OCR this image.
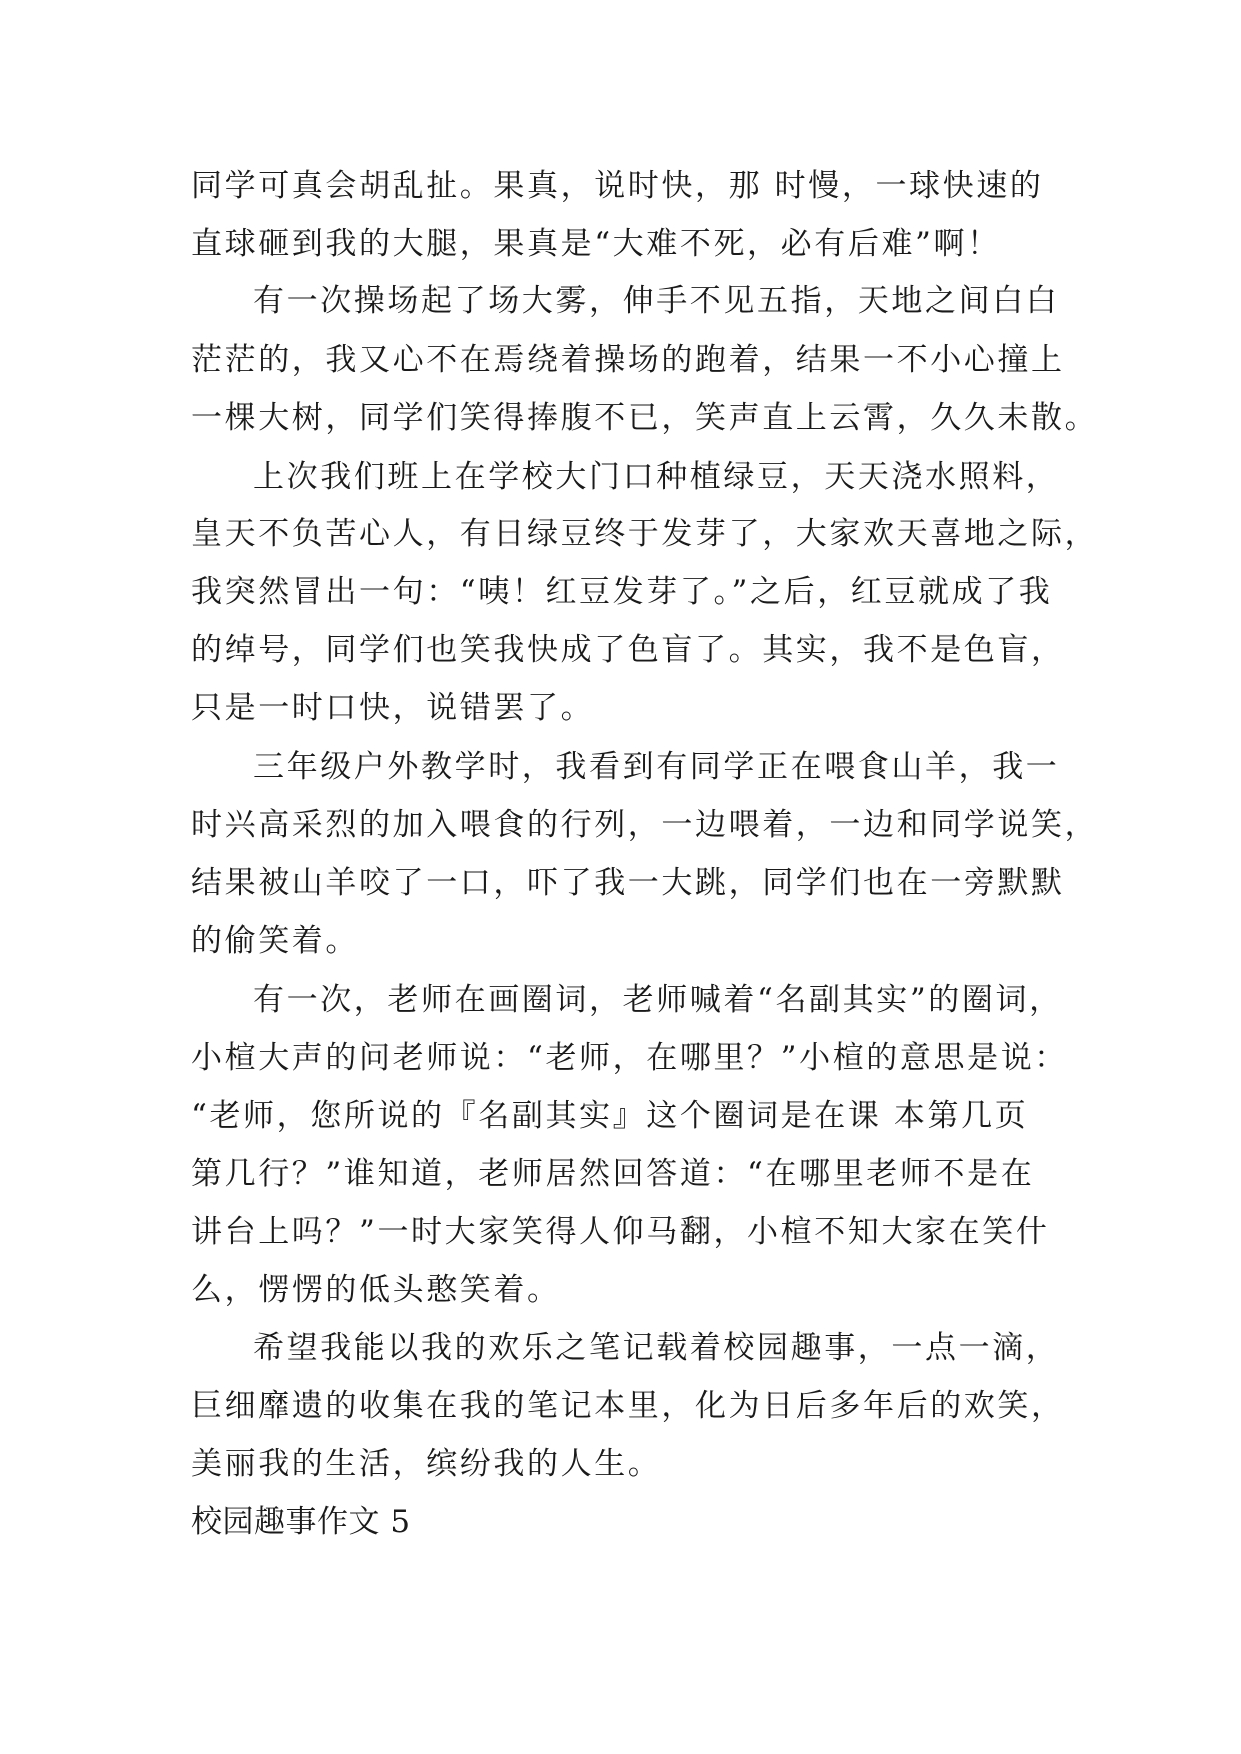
同学可真会胡乱扯。果真，说时快，那 时慢，一球快速的
直球砸到我的大腿，果真是“大难不死，必有后难”啊！
有一次操场起了场大雾，伸手不见五指，天地之间白白
茫茫的，我又心不在焉绕着操场的跑着，结果一不小心撞上
一棵大树，同学们笑得捧腹不已，笑声直上云霄，久久未散。
上次我们班上在学校大门口种植绿豆，天天浇水照料，
皇天不负苦心人，有日绿豆终于发芽了，大家欢天喜地之际，
我突然冒出一句：“咦！红豆发芽了。”之后，红豆就成了我
的绰号，同学们也笑我快成了色盲了。其实，我不是色盲，
只是一时口快，说错罢了。
三年级户外教学时，我看到有同学正在喂食山羊，我一
时兴高采烈的加入喂食的行列，一边喂着，一边和同学说笑，
结果被山羊咬了一口，吓了我一大跳，同学们也在一旁默默
的偷笑着。
有一次，老师在画圈词，老师喊着“名副其实”的圈词，
小楦大声的问老师说：“老师，在哪里？”小楦的意思是说：
“老师，您所说的『名副其实』这个圈词是在课 本第几页
第几行？”谁知道，老师居然回答道：“在哪里老师不是在
讲台上吗？”一时大家笑得人仰马翻，小楦不知大家在笑什
么，愣愣的低头憨笑着。
希望我能以我的欢乐之笔记载着校园趣事，一点一滴，
巨细靡遗的收集在我的笔记本里，化为日后多年后的欢笑，
美丽我的生活，缤纷我的人生。
校园趣事作文 5
